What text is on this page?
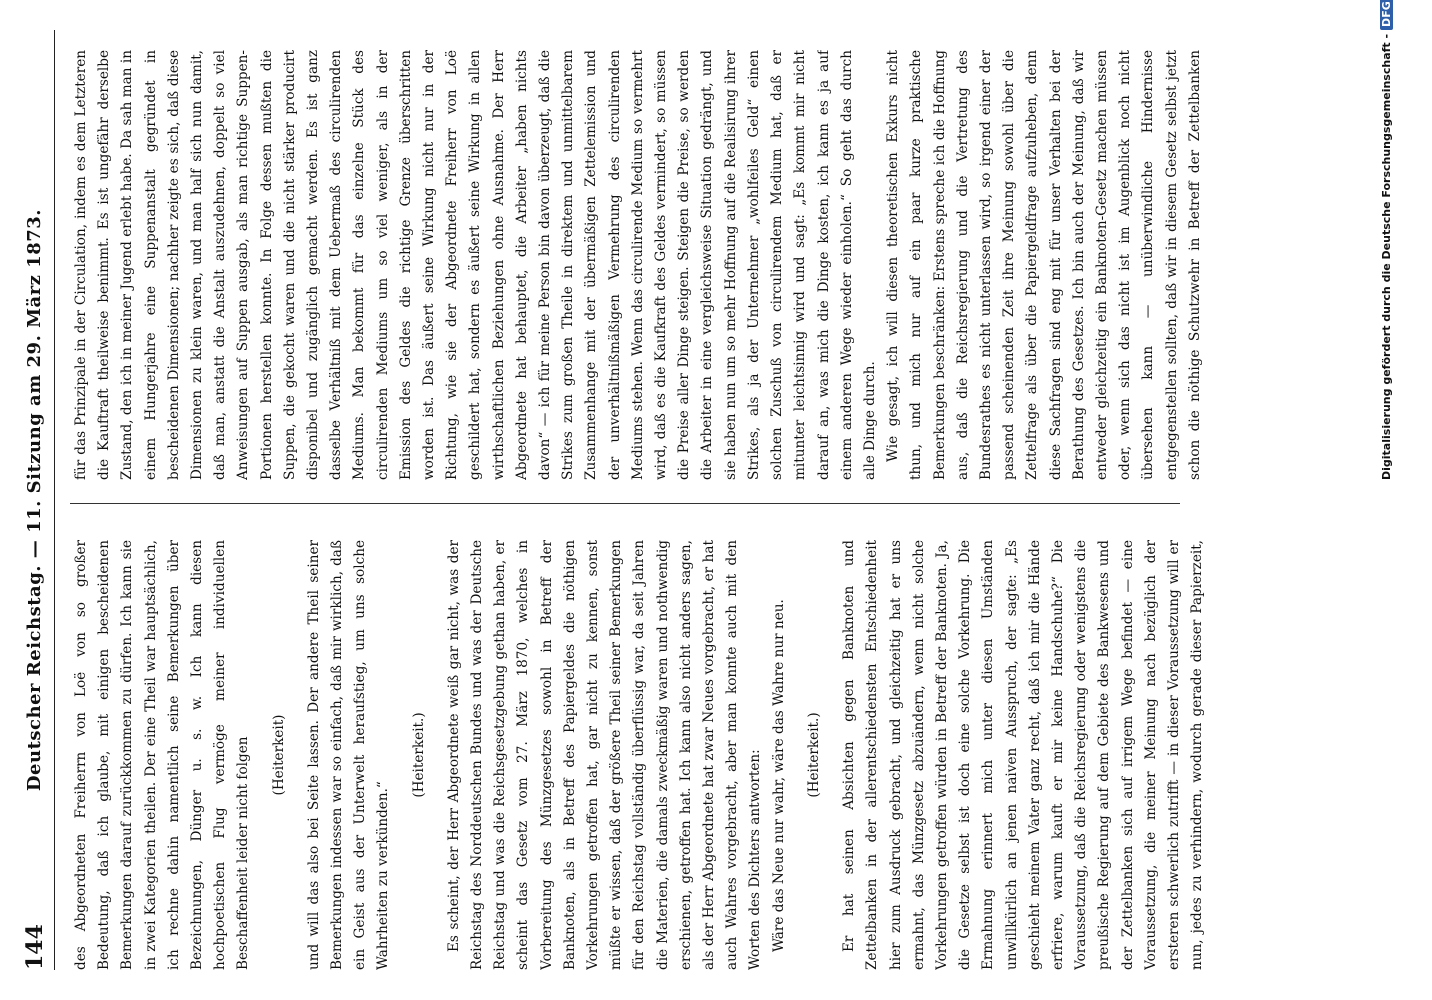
144
Deutscher Reichstag. — 11. Sitzung am 29. März 1873. des Abgeordneten Freiherrn von Loë von so großer Bedeutung, daß ich glaube, mit einigen bescheidenen Bemerkungen darauf zurückkommen zu dürfen. Ich kann sie in zwei Kategorien theilen. Der eine Theil war hauptsächlich, ich rechne dahin namentlich seine Bemerkungen über Bezeichnungen, Dünger u. s. w. Ich kann diesen hochpoetischen Flug vermöge meiner individuellen Beschaffenheit leider nicht folgen	(Heiterkeit)	und will das also bei Seite lassen. Der andere Theil seiner Bemerkungen indessen war so einfach, daß mir wirklich, daß ein Geist aus der Unterwelt heraufstieg, um uns solche Wahrheiten zu verkünden.“

(Heiterkeit.)	Es scheint, der Herr Abgeordnete weiß gar nicht, was der Reichstag des Norddeutschen Bundes und was der Deutsche Reichstag und was die Reichsgesetzgebung gethan haben, er scheint das Gesetz vom 27. März 1870, welches in Vorbereitung des Münzgesetzes sowohl in Betreff der Banknoten, als in Betreff des Papiergeldes die nöthigen Vorkehrungen getroffen hat, gar nicht zu kennen, sonst müßte er wissen, daß der größere Theil seiner Bemerkungen für den Reichstag vollständig überflüssig war, da seit Jahren die Materien, die damals zweckmäßig waren und nothwendig erschienen, getroffen hat. Ich kann also nicht anders sagen, als der Herr Abgeordnete hat zwar Neues vorgebracht, er hat auch Wahres vorgebracht, aber man konnte auch mit den Worten des Dichters antworten: Wäre das Neue nur wahr, wäre das Wahre nur neu.	(Heiterkeit.)

Er hat seinen Absichten gegen Banknoten und Zettelbanken in der allerentschiedensten Entschiedenheit hier zum Ausdruck gebracht, und gleichzeitig hat er uns ermahnt, das Münzgesetz abzuändern, wenn nicht solche Vorkehrungen getroffen würden in Betreff der Banknoten. Ja, die Gesetze selbst ist doch eine solche Vorkehrung. Die Ermahnung erinnert mich unter diesen Umständen unwillkürlich an jenen naiven Ausspruch, der sagte: „Es geschieht meinem Vater ganz recht, daß ich mir die Hände erfriere, warum kauft er mir keine Handschuhe?“ Die Voraussetzung, daß die Reichsregierung oder wenigstens die preußische Regierung auf dem Gebiete des Bankwesens und der Zettelbanken sich auf irrigem Wege befindet — eine Voraussetzung, die meiner Meinung nach bezüglich der ersteren schwerlich zutrifft — in dieser Voraussetzung will er nun, jedes zu verhindern, wodurch gerade dieser Papierzeit,

für das Prinzipale in der Circulation, indem es dem Letzteren die Kauftraft theilweise benimmt. Es ist ungefähr derselbe Zustand, den ich in meiner Jugend erlebt habe. Da sah man in einem Hungerjahre eine Suppenanstalt gegründet in bescheidenen Dimensionen; nachher zeigte es sich, daß diese Dimensionen zu klein waren, und man half sich nun damit, daß man, anstatt die Anstalt auszudehnen, doppelt so viel Anweisungen auf Suppen ausgab, als man richtige Suppen-Portionen herstellen konnte. In Folge dessen mußten die Suppen, die gekocht waren und die nicht stärker producirt disponibel und zugänglich gemacht werden. Es ist ganz dasselbe Verhältniß mit dem Uebermaß des circulirenden Mediums. Man bekommt für das einzelne Stück des circulirenden Mediums um so viel weniger, als in der Emission des Geldes die richtige Grenze überschritten worden ist. Das äußert seine Wirkung nicht nur in der Richtung, wie sie der Abgeordnete Freiherr von Loë geschildert hat, sondern es äußert seine Wirkung in allen wirthschaftlichen Beziehungen ohne Ausnahme. Der Herr Abgeordnete hat behauptet, die Arbeiter „haben nichts davon“ — ich für meine Person bin davon überzeugt, daß die Strikes zum großen Theile in direktem und unmittelbarem Zusammenhange mit der übermäßigen Zettelemission und der unverhältnißmäßigen Vermehrung des circulirenden Mediums stehen. Wenn das circulirende Medium so vermehrt wird, daß es die Kaufkraft des Geldes vermindert, so müssen die Preise aller Dinge steigen. Steigen die Preise, so werden die Arbeiter in eine vergleichsweise Situation gedrängt, und sie haben nun um so mehr Hoffnung auf die Realisirung ihrer Strikes, als ja der Unternehmer „wohlfeiles Geld“ einen solchen Zuschuß von circulirendem Medium hat, daß er mitunter leichtsinnig wird und sagt: „Es kommt mir nicht darauf an, was mich die Dinge kosten, ich kann es ja auf einem anderen Wege wieder einholen.“ So geht das durch alle Dinge durch. Wie gesagt, ich will diesen theoretischen Exkurs nicht thun, und mich nur auf ein paar kurze praktische Bemerkungen beschränken: Erstens spreche ich die Hoffnung aus, daß die Reichsregierung und die Vertretung des Bundesrathes es nicht unterlassen wird, so irgend einer der passend scheinenden Zeit ihre Meinung sowohl über die Zettelfrage als über die Papiergeldfrage aufzuheben, denn diese Sachfragen sind eng mit für unser Verhalten bei der Berathung des Gesetzes. Ich bin auch der Meinung, daß wir entweder gleichzeitig ein Banknoten-Gesetz machen müssen oder, wenn sich das nicht ist im Augenblick noch nicht übersehen kann — unüberwindliche Hindernisse entgegenstellen sollten, daß wir in diesem Gesetz selbst jetzt schon die nöthige Schutzwehr in Betreff der Zettelbanken	Digitalisierung gefördert durch die Deutsche Forschungsgemeinschaft -DFG
